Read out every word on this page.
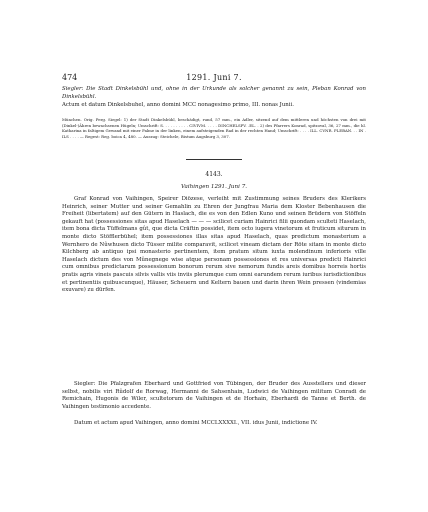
474	1291. Juni 7.
Siegler: Die Stadt Dinkelsbühl und, ohne in der Urkunde als solcher genannt zu sein, Pleban Konrad von Dinkelsbühl.
Actum et datum Dinkelsbuhel, anno domini MCC nonagesimo primo, III. nonas Junii.
München. Orig. Perg. Siegel: 1) der Stadt Dinkelsbühl, beschädigt, rund, 57 mm., ein Adler, sitzend auf dem mittleren und höchsten von drei mit (Dinkel-)Ähren bewachsenen Hügeln; Umschrift: S. . . . . . . . . . CIVIVM. . . . . DINCHELSPV. .EL. . 2) des Pfarrers Konrad, spitzoval, 36, 27 mm., die hl. Katharina in faltigem Gewand mit einer Palme in der linken, einem aufsteigenden Rad in der rechten Hand; Umschrift: . . . . ILL. CVNR. PLEBAN. . . IN . ILS . . . . — Regest: Reg. boica 4, 480. — Auszug: Steichele, Bistum Augsburg 3, 307.
4143.
Vaihingen 1291. Juni 7.
Graf Konrad von Vaihingen, Speirer Diözese, verleiht mit Zustimmung seines Bruders des Klerikers Heinrich, seiner Mutter und seiner Gemahlin zu Ehren der Jungfrau Maria dem Kloster Bebenhausen die Freiheit (libertatem) auf den Gütern in Haslach, die es von den Edlen Kuno und seinen Brüdern von Stöffeln gekauft hat (possessiones sitas apud Haselach — — — scilicet curiam Hainrici filii quondam sculteti Haselach, item bona dicta Tüffelmans gût, que dicta Cräftin possidet, item octo iugera vinetorum et fruticum siturum in monte dicto Stöfflerbühel; item possessiones illas sitas apud Haselach, quas predictum monasterium a Wernhero de Nûwhusen dicto Tüsser milite comparavit, scilicet vineam dictam der Röte sitam in monte dicto Kilchberg ab antiquo ipsi monasterio pertinentem, item pratum situm iuxta molendinum inferioris ville Haselach dictum des von Mûnegnege wise atque personam possessiones et res universas predicti Hainrici cum omnibus predictarum possessionum bonorum rerum sive nemorum fundis areis domibus horreis hortis pratis agris vineis pascuis silvis vallis viis inviis plerumque cum omni earundem rerum iuribus iurisdictionibus et pertinentiis quibuscunque), Häuser, Scheuern und Keltern bauen und darin ihren Wein pressen (vindemias exuvare) zu dürfen.
Siegler: Die Pfalzgrafen Eberhard und Gottfried von Tübingen, der Bruder des Ausstellers und dieser selbst, nobilis viri Rûdolf de Rorwag, Hermanni de Sahsenhain, Ludwici de Vaihingen militum Conradi de Remichain, Hugonis de Wiler, scultetorum de Vaihingen et de Horhain, Eberhardi de Tanne et Berth. de Vaihingen testimonio accedente.
Datum et actum apud Vaihingen, anno domini MCCLXXXXI., VII. idus Junii, indictione IV.
